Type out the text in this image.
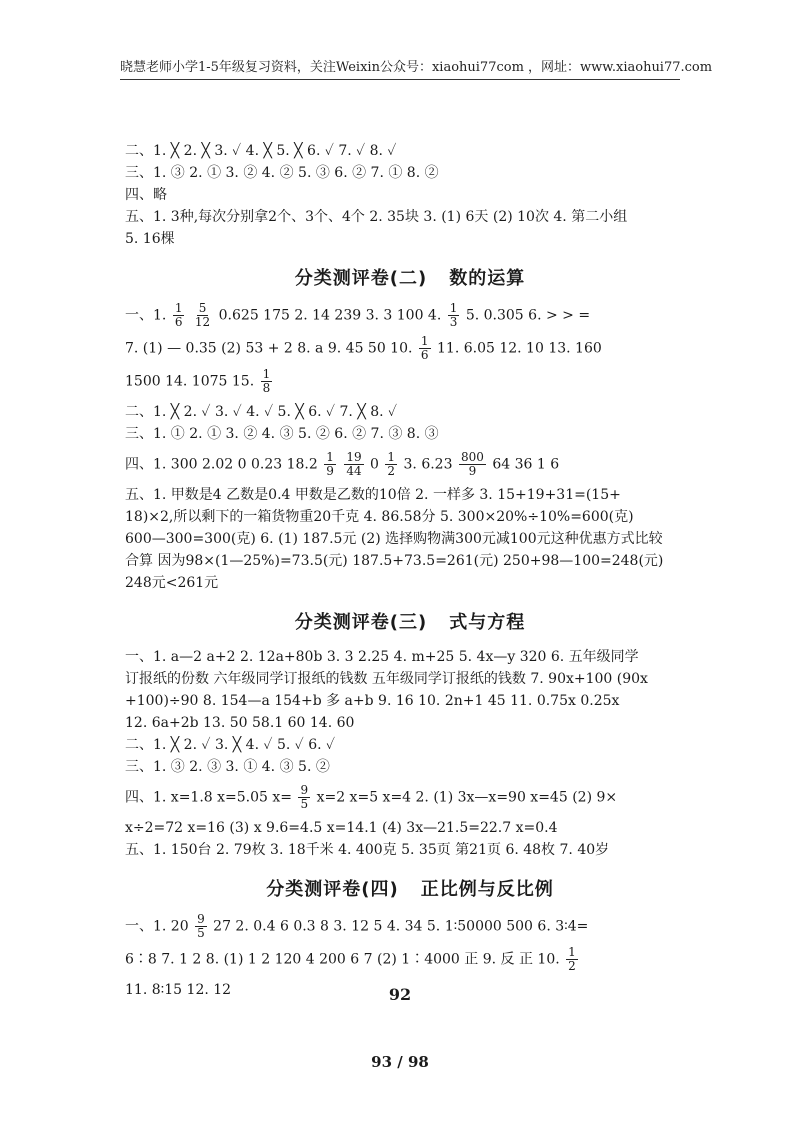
晓慧老师小学1-5年级复习资料，关注Weixin公众号：xiaohui77com ，网址：www.xiaohui77.com
二、1. ╳ 2. ╳ 3. ✓ 4. ╳ 5. ╳ 6. ✓ 7. ✓ 8. ✓
三、1. ③ 2. ① 3. ② 4. ② 5. ③ 6. ② 7. ① 8. ②
四、略
五、1. 3种,每次分别拿2个、3个、4个 2. 35块 3. (1) 6天 (2) 10次 4. 第二小组
5. 16棵
分类测评卷(二) 数的运算
一、1. $\frac{1}{6}$
$\frac{5}{12} 0.625$ 175 2. 14 239 3. 3 100 4. $\frac{1}{3} 5$. 0.305 6. > > =
7. (1) — 0.35 (2) 53 + 2 8. a 9. 45 50 10. $\frac{1}{6} 11$. 6.05 12. 10 13. 160
1500 14. 1075 15. $\frac{1}{8}$
二、1. ╳ 2. ✓ 3. ✓ 4. ✓ 5. ╳ 6. ✓ 7. ╳ 8. ✓
三、1. ① 2. ① 3. ② 4. ③ 5. ② 6. ② 7. ③ 8. ③
四、1. 300 2.02 0 0.23 $18.2 \frac{1}{9}$
$\frac{19}{44} 0 \frac{1}{2} 3$. $6.23 \frac{800}{9} 64$ 36 1 6
五、1. 甲数是4 乙数是0.4 甲数是乙数的10倍 2. 一样多 3. 15+19+31=(15+
18)×2,所以剩下的一箱货物重20千克 4. 86.58分 5. 300×20%÷10%=600(克)
600—300=300(克) 6. (1) 187.5元 (2) 选择购物满300元减100元这种优惠方式比较
合算 因为98×(1—25%)=73.5(元) 187.5+73.5=261(元) 250+98—100=248(元)
248元<261元
分类测评卷(三) 式与方程
一、1. a—2 a+2 2. 12a+80b 3. 3 2.25 4. m+25 5. 4x—y 320 6. 五年级同学
订报纸的份数 六年级同学订报纸的钱数 五年级同学订报纸的钱数 7. 90x+100 (90x
+100)÷90 8. 154—a 154+b 多 a+b 9. 16 10. 2n+1 45 11. 0.75x 0.25x
12. 6a+2b 13. 50 58.1 60 14. 60
二、1. ╳ 2. ✓ 3. ╳ 4. ✓ 5. ✓ 6. ✓
三、1. ③ 2. ③ 3. ① 4. ③ 5. ②
四、1. x=1.8 x=5.05 $x= \frac{9}{5} x=2$ x=5 x=4 2. (1) 3x—x=90 x=45 (2) 9×
x÷2=72 x=16 (3) x 9.6=4.5 x=14.1 (4) 3x—21.5=22.7 x=0.4
五、1. 150台 2. 79枚 3. 18千米 4. 400克 5. 35页 第21页 6. 48枚 7. 40岁
分类测评卷(四) 正比例与反比例
一、1. $20 \frac{9}{5} 27$ 2. 0.4 6 0.3 8 3. 12 5 4. 34 5. 1∶50000 500 6. 3∶4=
6∶8 7. 1 2 8. (1) 1 2 120 4 200 6 7 (2) 1∶4000 正 9. 反 正 10. $\frac{1}{2}$
11. 8∶15 12. 12	92
93 / 98
